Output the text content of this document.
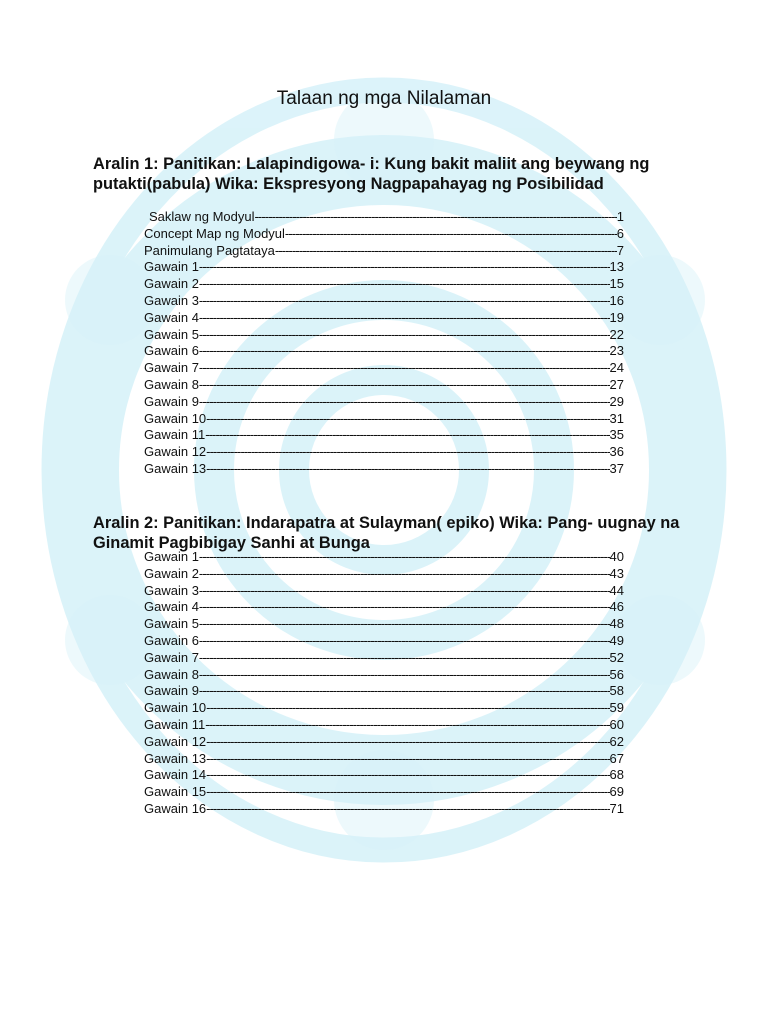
Talaan ng mga Nilalaman
Aralin 1: Panitikan: Lalapindigowa- i: Kung bakit maliit ang beywang ng putakti(pabula) Wika: Ekspresyong Nagpapahayag ng Posibilidad
Saklaw ng Modyul -----	1
Concept Map ng Modyul -----	6
Panimulang Pagtataya -----	7
Gawain 1 -----	13
Gawain 2 -----	15
Gawain 3 -----	16
Gawain 4 -----	19
Gawain 5 -----	22
Gawain 6 -----	23
Gawain 7 -----	24
Gawain 8 -----	27
Gawain 9 -----	29
Gawain 10 -----	31
Gawain 11 -----	35
Gawain 12 -----	36
Gawain 13 -----	37
Aralin 2: Panitikan: Indarapatra at Sulayman( epiko) Wika: Pang- uugnay na Ginamit Pagbibigay Sanhi at Bunga
Gawain 1 -----	40
Gawain 2 -----	43
Gawain 3 -----	44
Gawain 4 -----	46
Gawain 5 -----	48
Gawain 6 -----	49
Gawain 7 -----	52
Gawain 8 -----	56
Gawain 9 -----	58
Gawain 10 -----	59
Gawain 11 -----	60
Gawain 12 -----	62
Gawain 13 -----	67
Gawain 14 -----	68
Gawain 15 -----	69
Gawain 16 -----	71
